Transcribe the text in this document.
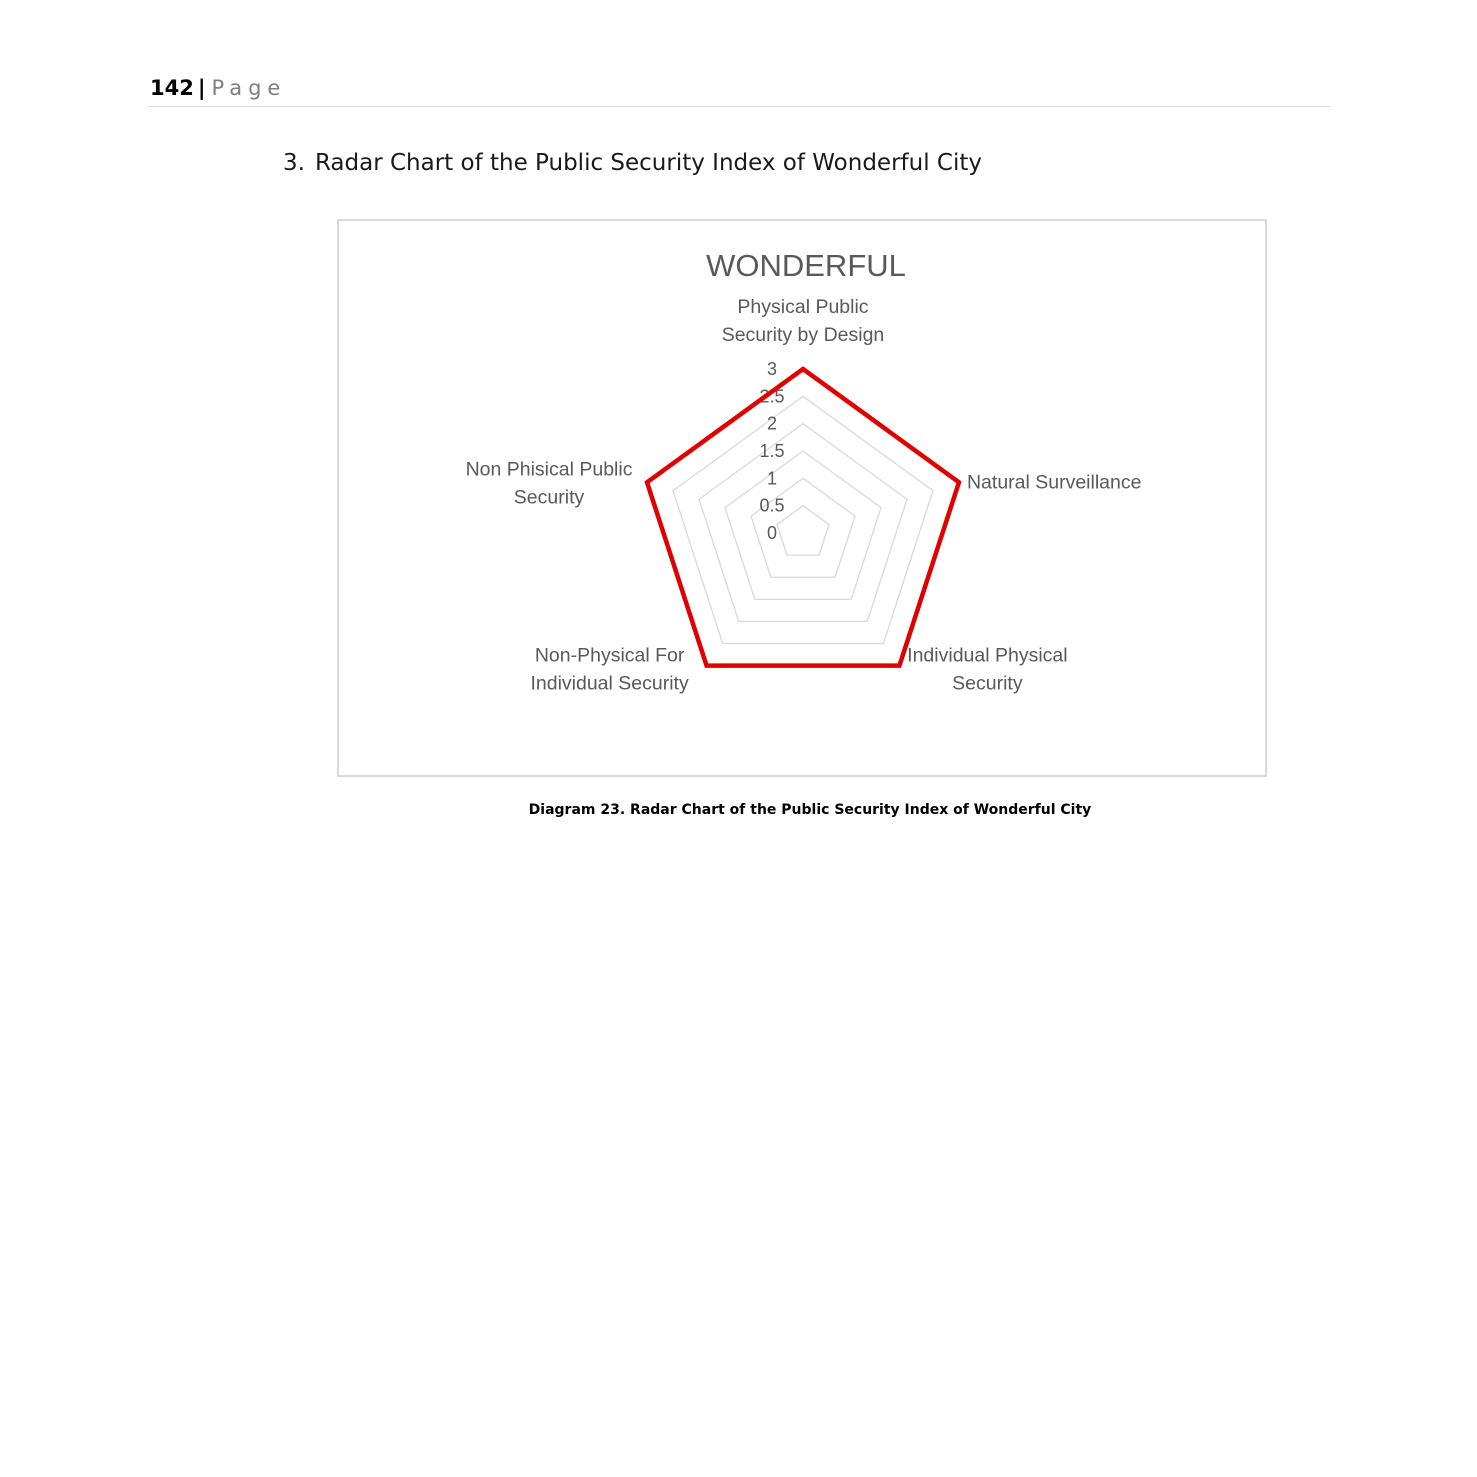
142 | Page
3. Radar Chart of the Public Security Index of Wonderful City
WONDERFUL
0
0.5
1
1.5
2
2.5
3
Physical Public Security by Design
Natural Surveillance
Individual Physical Security
Non-Physical For Individual Security
Non Phisical Public Security
Diagram 23. Radar Chart of the Public Security Index of Wonderful City
